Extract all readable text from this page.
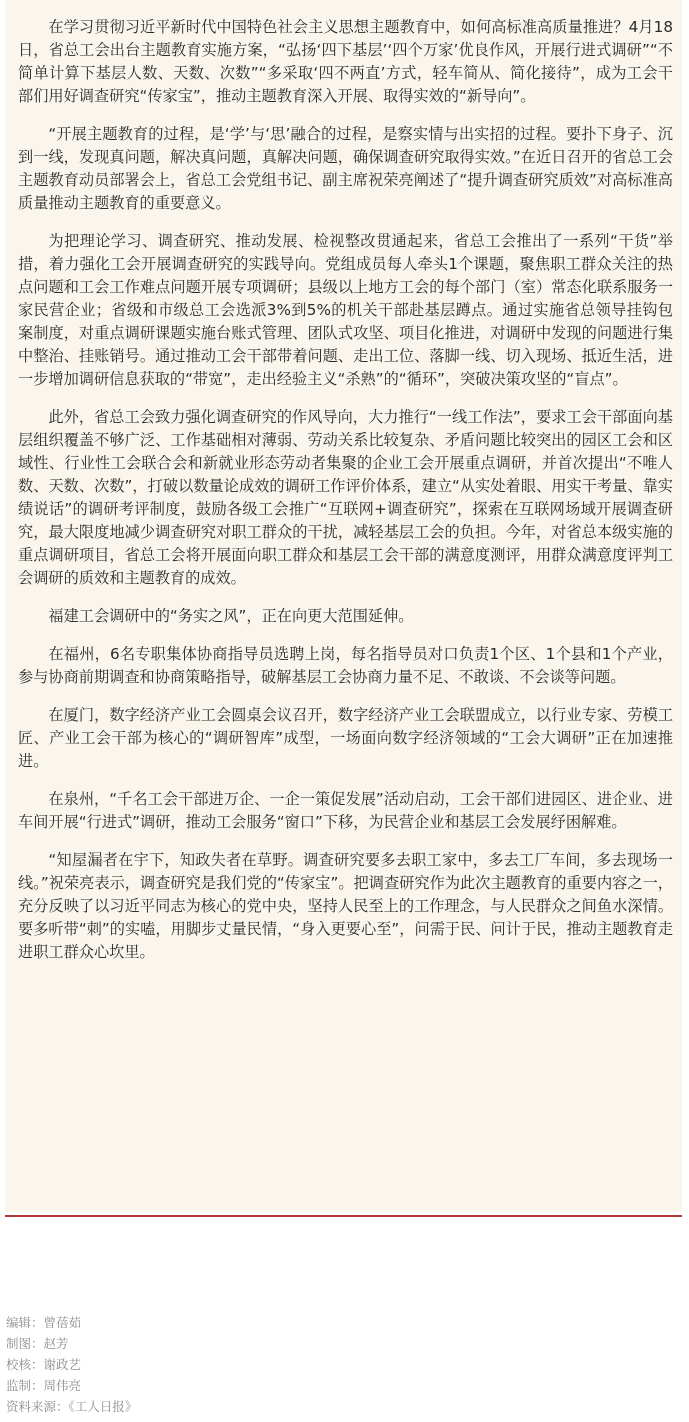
在学习贯彻习近平新时代中国特色社会主义思想主题教育中，如何高标准高质量推进？4月18日，省总工会出台主题教育实施方案，“弘扬‘四下基层’‘四个万家’优良作风，开展行进式调研”“不简单计算下基层人数、天数、次数”“多采取‘四不两直’方式，轻车简从、简化接待”，成为工会干部们用好调查研究“传家宝”，推动主题教育深入开展、取得实效的“新导向”。

“开展主题教育的过程，是‘学’与‘思’融合的过程，是察实情与出实招的过程。要扑下身子、沉到一线，发现真问题，解决真问题，真解决问题，确保调查研究取得实效。”在近日召开的省总工会主题教育动员部署会上，省总工会党组书记、副主席祝荣亮阐述了“提升调查研究质效”对高标准高质量推动主题教育的重要意义。

为把理论学习、调查研究、推动发展、检视整改贯通起来，省总工会推出了一系列“干货”举措，着力强化工会开展调查研究的实践导向。党组成员每人牵头1个课题，聚焦职工群众关注的热点问题和工会工作难点问题开展专项调研；县级以上地方工会的每个部门（室）常态化联系服务一家民营企业；省级和市级总工会选派3%到5%的机关干部赴基层蹲点。通过实施省总领导挂钩包案制度，对重点调研课题实施台账式管理、团队式攻坚、项目化推进，对调研中发现的问题进行集中整治、挂账销号。通过推动工会干部带着问题、走出工位、落脚一线、切入现场、抵近生活，进一步增加调研信息获取的“带宽”，走出经验主义“杀熟”的“循环”，突破决策攻坚的“盲点”。

此外，省总工会致力强化调查研究的作风导向，大力推行“一线工作法”，要求工会干部面向基层组织覆盖不够广泛、工作基础相对薄弱、劳动关系比较复杂、矛盾问题比较突出的园区工会和区域性、行业性工会联合会和新就业形态劳动者集聚的企业工会开展重点调研，并首次提出“不唯人数、天数、次数”，打破以数量论成效的调研工作评价体系，建立“从实处着眼、用实干考量、靠实绩说话”的调研考评制度，鼓励各级工会推广“互联网+调查研究”，探索在互联网场域开展调查研究，最大限度地减少调查研究对职工群众的干扰，减轻基层工会的负担。今年，对省总本级实施的重点调研项目，省总工会将开展面向职工群众和基层工会干部的满意度测评，用群众满意度评判工会调研的质效和主题教育的成效。

福建工会调研中的“务实之风”，正在向更大范围延伸。

在福州，6名专职集体协商指导员选聘上岗，每名指导员对口负责1个区、1个县和1个产业，参与协商前期调查和协商策略指导，破解基层工会协商力量不足、不敢谈、不会谈等问题。

在厦门，数字经济产业工会圆桌会议召开，数字经济产业工会联盟成立，以行业专家、劳模工匠、产业工会干部为核心的“调研智库”成型，一场面向数字经济领域的“工会大调研”正在加速推进。

在泉州，“千名工会干部进万企、一企一策促发展”活动启动，工会干部们进园区、进企业、进车间开展“行进式”调研，推动工会服务“窗口”下移，为民营企业和基层工会发展纾困解难。

“知屋漏者在宇下，知政失者在草野。调查研究要多去职工家中，多去工厂车间，多去现场一线。”祝荣亮表示，调查研究是我们党的“传家宝”。把调查研究作为此次主题教育的重要内容之一，充分反映了以习近平同志为核心的党中央，坚持人民至上的工作理念，与人民群众之间鱼水深情。要多听带“刺”的实嗑，用脚步丈量民情，“身入更要心至”，问需于民、问计于民，推动主题教育走进职工群众心坎里。

编辑：曾蓓茹
制图：赵芳
校核：谢政艺
监制：周伟亮
资料来源：《工人日报》
